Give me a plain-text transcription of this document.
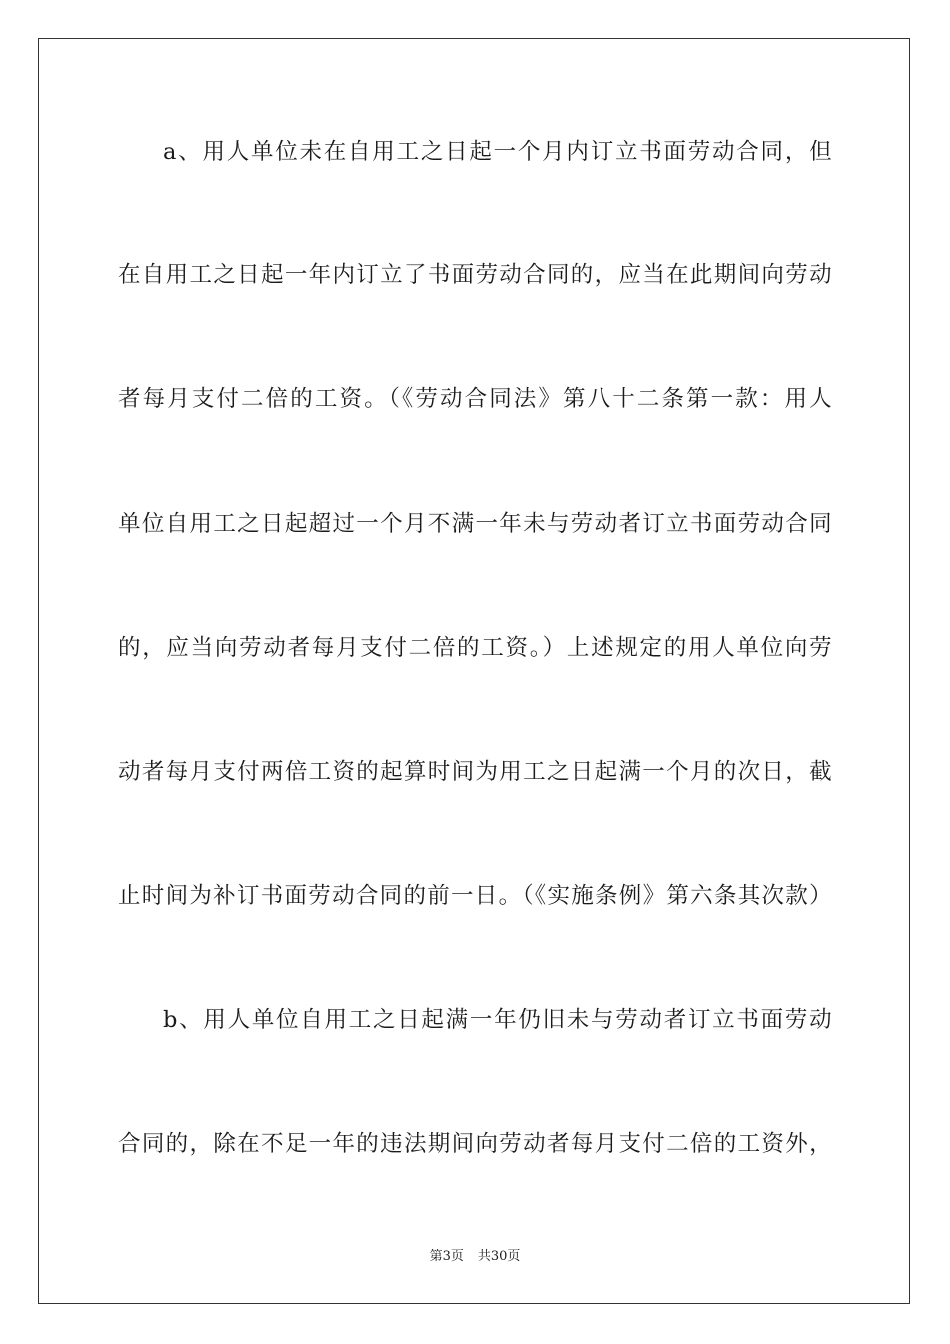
a、用人单位未在自用工之日起一个月内订立书面劳动合同，但
在自用工之日起一年内订立了书面劳动合同的，应当在此期间向劳动
者每月支付二倍的工资。（《劳动合同法》第八十二条第一款：用人
单位自用工之日起超过一个月不满一年未与劳动者订立书面劳动合同
的，应当向劳动者每月支付二倍的工资。）上述规定的用人单位向劳
动者每月支付两倍工资的起算时间为用工之日起满一个月的次日，截
止时间为补订书面劳动合同的前一日。（《实施条例》第六条其次款）
b、用人单位自用工之日起满一年仍旧未与劳动者订立书面劳动
合同的，除在不足一年的违法期间向劳动者每月支付二倍的工资外，
第3页 共30页
